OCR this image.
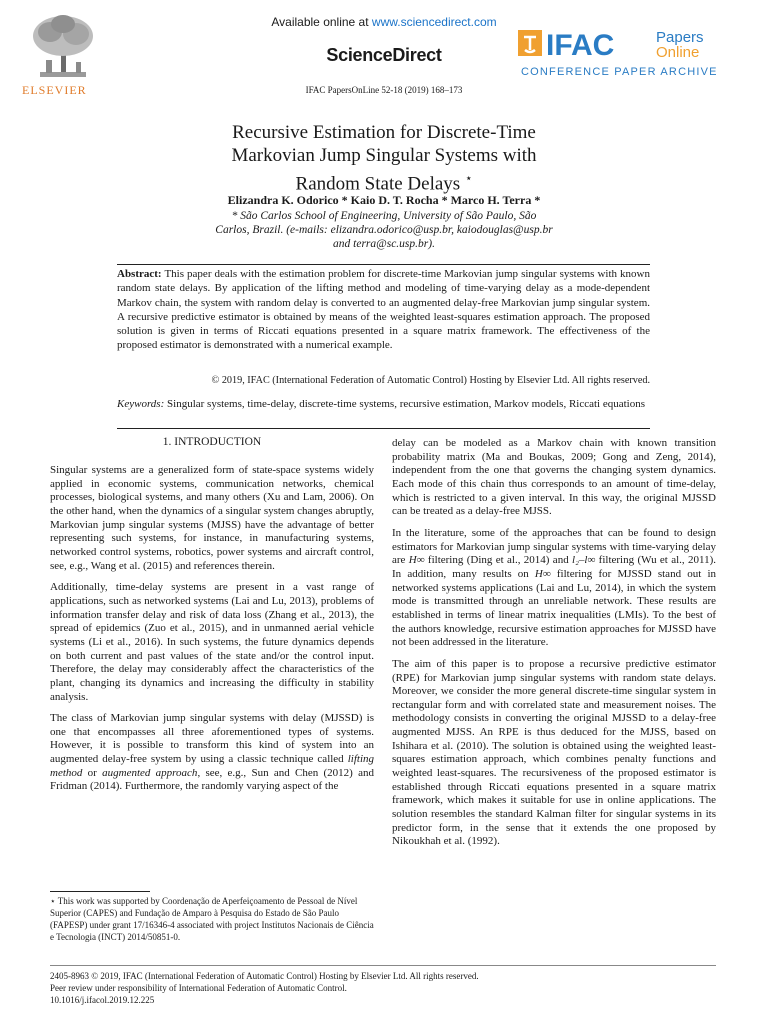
Available online at www.sciencedirect.com
ScienceDirect
IFAC PapersOnLine 52-18 (2019) 168–173
ELSEVIER
IFAC	Papers
Online
CONFERENCE PAPER ARCHIVE
Recursive Estimation for Discrete-Time
Markovian Jump Singular Systems with
Random State Delays ⋆
Elizandra K. Odorico * Kaio D. T. Rocha * Marco H. Terra *
* São Carlos School of Engineering, University of São Paulo, São
Carlos, Brazil. (e-mails: elizandra.odorico@usp.br, kaiodouglas@usp.br
and terra@sc.usp.br).
Abstract: This paper deals with the estimation problem for discrete-time Markovian jump singular systems with known random state delays. By application of the lifting method and modeling of time-varying delay as a mode-dependent Markov chain, the system with random delay is converted to an augmented delay-free Markovian jump singular system. A recursive predictive estimator is obtained by means of the weighted least-squares estimation approach. The proposed solution is given in terms of Riccati equations presented in a square matrix framework. The effectiveness of the proposed estimator is demonstrated with a numerical example.
© 2019, IFAC (International Federation of Automatic Control) Hosting by Elsevier Ltd. All rights reserved.
Keywords: Singular systems, time-delay, discrete-time systems, recursive estimation, Markov models, Riccati equations
1. INTRODUCTION

Singular systems are a generalized form of state-space systems widely applied in economic systems, communication networks, chemical processes, biological systems, and many others (Xu and Lam, 2006). On the other hand, when the dynamics of a singular system changes abruptly, Markovian jump singular systems (MJSS) have the advantage of better representing such systems, for instance, in manufacturing systems, networked control systems, robotics, power systems and aircraft control, see, e.g., Wang et al. (2015) and references therein.

Additionally, time-delay systems are present in a vast range of applications, such as networked systems (Lai and Lu, 2013), problems of information transfer delay and risk of data loss (Zhang et al., 2013), the spread of epidemics (Zuo et al., 2015), and in unmanned aerial vehicle systems (Li et al., 2016). In such systems, the future dynamics depends on both current and past values of the state and/or the control input. Therefore, the delay may considerably affect the characteristics of the plant, changing its dynamics and increasing the difficulty in stability analysis.

The class of Markovian jump singular systems with delay (MJSSD) is one that encompasses all three aforementioned types of systems. However, it is possible to transform this kind of system into an augmented delay-free system by using a classic technique called lifting method or augmented approach, see, e.g., Sun and Chen (2012) and Fridman (2014). Furthermore, the randomly varying aspect of the

⋆ This work was supported by Coordenação de Aperfeiçoamento de Pessoal de Nível Superior (CAPES) and Fundação de Amparo à Pesquisa do Estado de São Paulo (FAPESP) under grant 17/16346-4 associated with project Institutos Nacionais de Ciência e Tecnologia (INCT) 2014/50851-0.

delay can be modeled as a Markov chain with known transition probability matrix (Ma and Boukas, 2009; Gong and Zeng, 2014), independent from the one that governs the changing system dynamics. Each mode of this chain thus corresponds to an amount of time-delay, which is restricted to a given interval. In this way, the original MJSSD can be treated as a delay-free MJSS.

In the literature, some of the approaches that can be found to design estimators for Markovian jump singular systems with time-varying delay are H∞ filtering (Ding et al., 2014) and l₂–l∞ filtering (Wu et al., 2011). In addition, many results on H∞ filtering for MJSSD stand out in networked systems applications (Lai and Lu, 2014), in which the system mode is transmitted through an unreliable network. These results are established in terms of linear matrix inequalities (LMIs). To the best of the authors knowledge, recursive estimation approaches for MJSSD have not been addressed in the literature.

The aim of this paper is to propose a recursive predictive estimator (RPE) for Markovian jump singular systems with random state delays. Moreover, we consider the more general discrete-time singular system in rectangular form and with correlated state and measurement noises. The methodology consists in converting the original MJSSD to a delay-free augmented MJSS. An RPE is thus deduced for the MJSS, based on Ishihara et al. (2010). The solution is obtained using the weighted least-squares estimation approach, which combines penalty functions and weighted least-squares. The recursiveness of the proposed estimator is established through Riccati equations presented in a square matrix framework, which makes it suitable for use in online applications. The solution resembles the standard Kalman filter for singular systems in its predictor form, in the sense that it extends the one proposed by Nikoukhah et al. (1992).

2405-8963 © 2019, IFAC (International Federation of Automatic Control) Hosting by Elsevier Ltd. All rights reserved.
Peer review under responsibility of International Federation of Automatic Control.
10.1016/j.ifacol.2019.12.225
